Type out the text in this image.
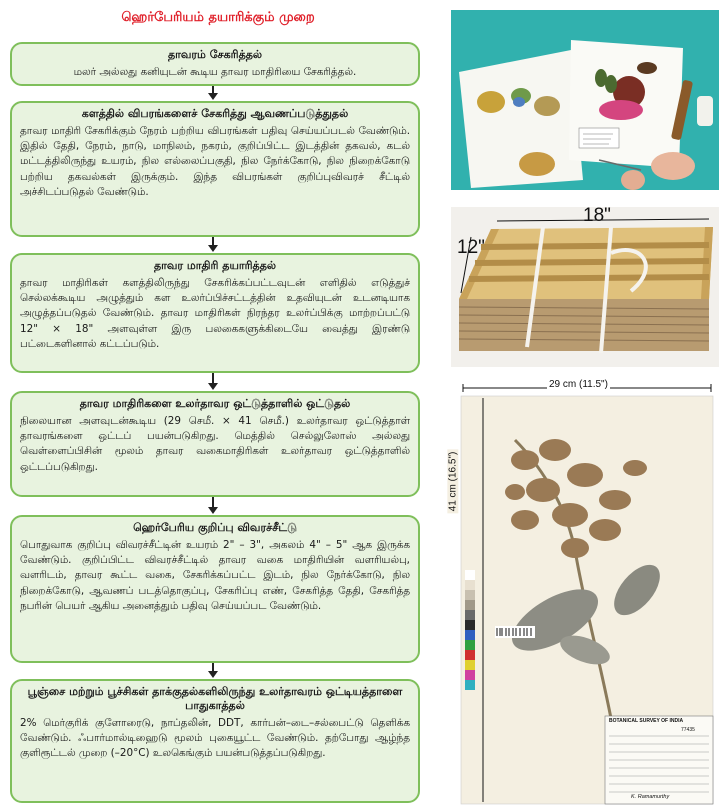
ஹெர்பேரியம் தயாரிக்கும் முறை
தாவரம் சேகரித்தல்

மலர் அல்லது கனியுடன் கூடிய தாவர மாதிரியை சேகரித்தல்.

களத்தில் விபரங்களைச் சேகரித்து ஆவணப்படுத்துதல்

தாவர மாதிரி சேகரிக்கும் நேரம் பற்றிய விபரங்கள் பதிவு செய்யப்படல் வேண்டும். இதில் தேதி, நேரம், நாடு, மாநிலம், நகரம், குறிப்பிட்ட இடத்தின் தகவல், கடல் மட்டத்திலிருந்து உயரம், நில எல்லைப்பகுதி, நில நேர்க்கோடு, நில நிறைக்கோடு பற்றிய தகவல்கள் இருக்கும். இந்த விபரங்கள் குறிப்புவிவரச் சீட்டில் அச்சிடப்படுதல் வேண்டும்.

தாவர மாதிரி தயாரித்தல்

தாவர மாதிரிகள் களத்திலிருந்து சேகரிக்கப்பட்டவுடன் எளிதில் எடுத்துச் செல்லக்கூடிய அழுத்தும் கள உலர்ப்பிச்சட்டத்தின் உதவியுடன் உடனடியாக அழுத்தப்படுதல் வேண்டும். தாவர மாதிரிகள் நிரந்தர உலர்ப்பிக்கு மாற்றப்பட்டு 12" × 18" அளவுள்ள இரு பலகைகளுக்கிடையே வைத்து இரண்டு பட்டைகளினால் கட்டப்படும்.

தாவர மாதிரிகளை உலர்தாவர ஒட்டுத்தாளில் ஒட்டுதல்

நிலையான அளவுடன்கூடிய (29 செமீ. × 41 செமீ.) உலர்தாவர ஒட்டுத்தாள் தாவரங்களை ஒட்டப் பயன்படுகிறது. மெத்தில் செல்லுலோஸ் அல்லது வெள்ளைப்பிசின் மூலம் தாவர வகைமாதிரிகள் உலர்தாவர ஒட்டுத்தாளில் ஒட்டப்படுகிறது.

ஹெர்பேரிய குறிப்பு விவரச்சீட்டு

பொதுவாக குறிப்பு விவரச்சீட்டின் உயரம் 2" – 3", அகலம் 4" – 5" ஆக இருக்க வேண்டும். குறிப்பிட்ட விவரச்சீட்டில் தாவர வகை மாதிரியின் வளரியல்பு, வளரிடம், தாவர கூட்ட வகை, சேகரிக்கப்பட்ட இடம், நில நேர்க்கோடு, நில நிறைக்கோடு, ஆவணப் படத்தொகுப்பு, சேகரிப்பு எண், சேகரித்த தேதி, சேகரித்த நபரின் பெயர் ஆகிய அனைத்தும் பதிவு செய்யப்பட வேண்டும்.

பூஞ்சை மற்றும் பூச்சிகள் தாக்குதல்களிலிருந்து உலர்தாவரம் ஒட்டியத்தாளை பாதுகாத்தல்

2% மெர்குரிக் குளோரைடு, நாப்தலின், DDT, கார்பன்–டை–சல்பைட்டு தெளிக்க வேண்டும். ஃபார்மால்டிஹைடு மூலம் புகையூட்ட வேண்டும். தற்போது ஆழ்ந்த குளிரூட்டல் முறை (–20°C) உலகெங்கும் பயன்படுத்தப்படுகிறது.

18"
12"
29 cm (11.5")
41 cm (16.5")
BOTANICAL SURVEY OF INDIA
77435
K. Ramamurthy
